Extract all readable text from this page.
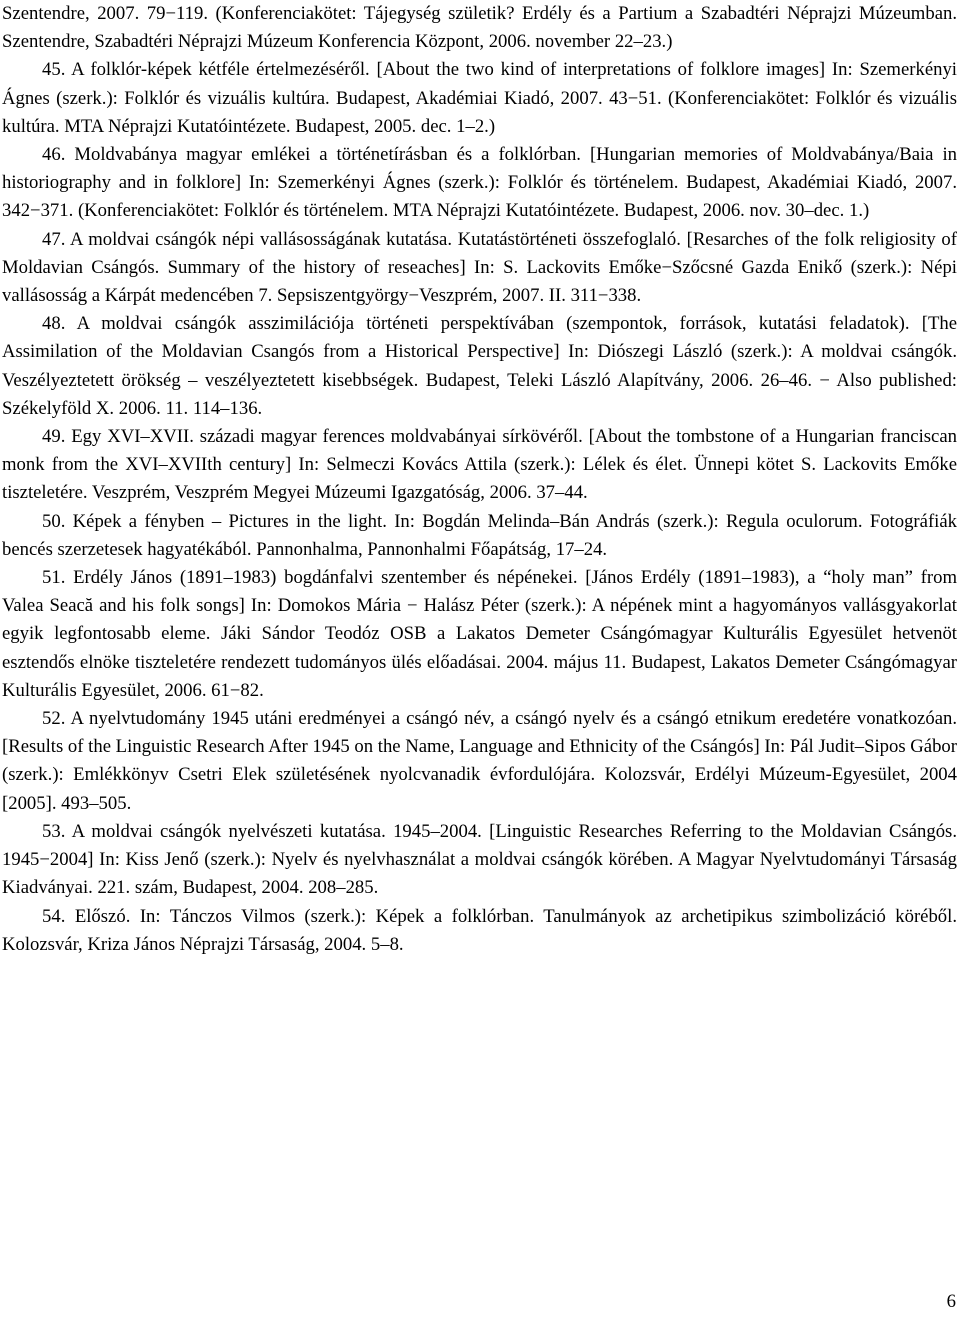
Szentendre, 2007. 79−119. (Konferenciakötet: Tájegység születik? Erdély és a Partium a Szabadtéri Néprajzi Múzeumban. Szentendre, Szabadtéri Néprajzi Múzeum Konferencia Központ, 2006. november 22–23.)

45. A folklór-képek kétféle értelmezéséről. [About the two kind of interpretations of folklore images] In: Szemerkényi Ágnes (szerk.): Folklór és vizuális kultúra. Budapest, Akadémiai Kiadó, 2007. 43−51. (Konferenciakötet: Folklór és vizuális kultúra. MTA Néprajzi Kutatóintézete. Budapest, 2005. dec. 1–2.)

46. Moldvabánya magyar emlékei a történetírásban és a folklórban. [Hungarian memories of Moldvabánya/Baia in historiography and in folklore] In: Szemerkényi Ágnes (szerk.): Folklór és történelem. Budapest, Akadémiai Kiadó, 2007. 342−371. (Konferenciakötet: Folklór és történelem. MTA Néprajzi Kutatóintézete. Budapest, 2006. nov. 30–dec. 1.)

47. A moldvai csángók népi vallásosságának kutatása. Kutatástörténeti összefoglaló. [Resarches of the folk religiosity of Moldavian Csángós. Summary of the history of reseaches] In: S. Lackovits Emőke−Szőcsné Gazda Enikő (szerk.): Népi vallásosság a Kárpát medencében 7. Sepsiszentgyörgy−Veszprém, 2007. II. 311−338.

48. A moldvai csángók asszimilációja történeti perspektívában (szempontok, források, kutatási feladatok). [The Assimilation of the Moldavian Csangós from a Historical Perspective] In: Diószegi László (szerk.): A moldvai csángók. Veszélyeztetett örökség – veszélyeztetett kisebbségek. Budapest, Teleki László Alapítvány, 2006. 26–46. − Also published: Székelyföld X. 2006. 11. 114–136.

49. Egy XVI–XVII. századi magyar ferences moldvabányai sírkövéről. [About the tombstone of a Hungarian franciscan monk from the XVI–XVIIth century] In: Selmeczi Kovács Attila (szerk.): Lélek és élet. Ünnepi kötet S. Lackovits Emőke tiszteletére. Veszprém, Veszprém Megyei Múzeumi Igazgatóság, 2006. 37–44.

50. Képek a fényben – Pictures in the light. In: Bogdán Melinda–Bán András (szerk.): Regula oculorum. Fotográfiák bencés szerzetesek hagyatékából. Pannonhalma, Pannonhalmi Főapátság, 17–24.

51. Erdély János (1891–1983) bogdánfalvi szentember és népénekei. [János Erdély (1891–1983), a “holy man” from Valea Seacă and his folk songs] In: Domokos Mária − Halász Péter (szerk.): A népének mint a hagyományos vallásgyakorlat egyik legfontosabb eleme. Jáki Sándor Teodóz OSB a Lakatos Demeter Csángómagyar Kulturális Egyesület hetvenöt esztendős elnöke tiszteletére rendezett tudományos ülés előadásai. 2004. május 11. Budapest, Lakatos Demeter Csángómagyar Kulturális Egyesület, 2006. 61−82.

52. A nyelvtudomány 1945 utáni eredményei a csángó név, a csángó nyelv és a csángó etnikum eredetére vonatkozóan. [Results of the Linguistic Research After 1945 on the Name, Language and Ethnicity of the Csángós] In: Pál Judit–Sipos Gábor (szerk.): Emlékkönyv Csetri Elek születésének nyolcvanadik évfordulójára. Kolozsvár, Erdélyi Múzeum-Egyesület, 2004 [2005]. 493–505.

53. A moldvai csángók nyelvészeti kutatása. 1945–2004. [Linguistic Researches Referring to the Moldavian Csángós. 1945−2004] In: Kiss Jenő (szerk.): Nyelv és nyelvhasználat a moldvai csángók körében. A Magyar Nyelvtudományi Társaság Kiadványai. 221. szám, Budapest, 2004. 208–285.

54. Előszó. In: Tánczos Vilmos (szerk.): Képek a folklórban. Tanulmányok az archetipikus szimbolizáció köréből. Kolozsvár, Kriza János Néprajzi Társaság, 2004. 5–8.

6
